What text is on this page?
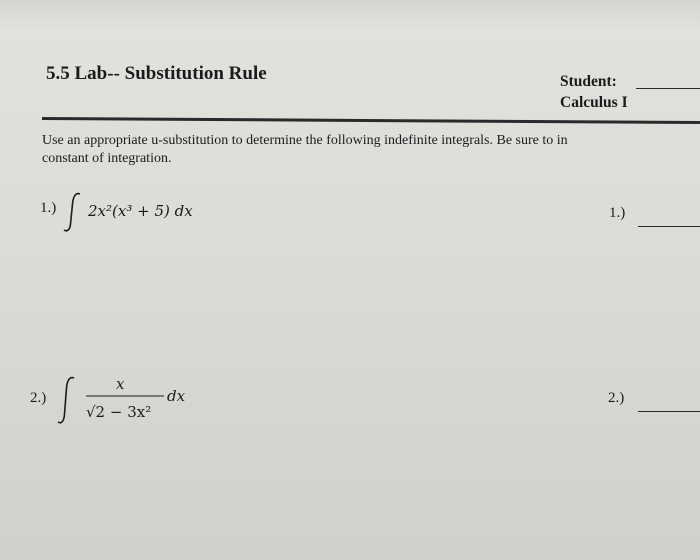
5.5 Lab-- Substitution Rule	Student:
Calculus I
Use an appropriate u-substitution to determine the following indefinite integrals. Be sure to in
constant of integration.
1.) 2x²(x³ + 5) dx	1.)
2.)
x
√2 − 3x²
dx	2.)
